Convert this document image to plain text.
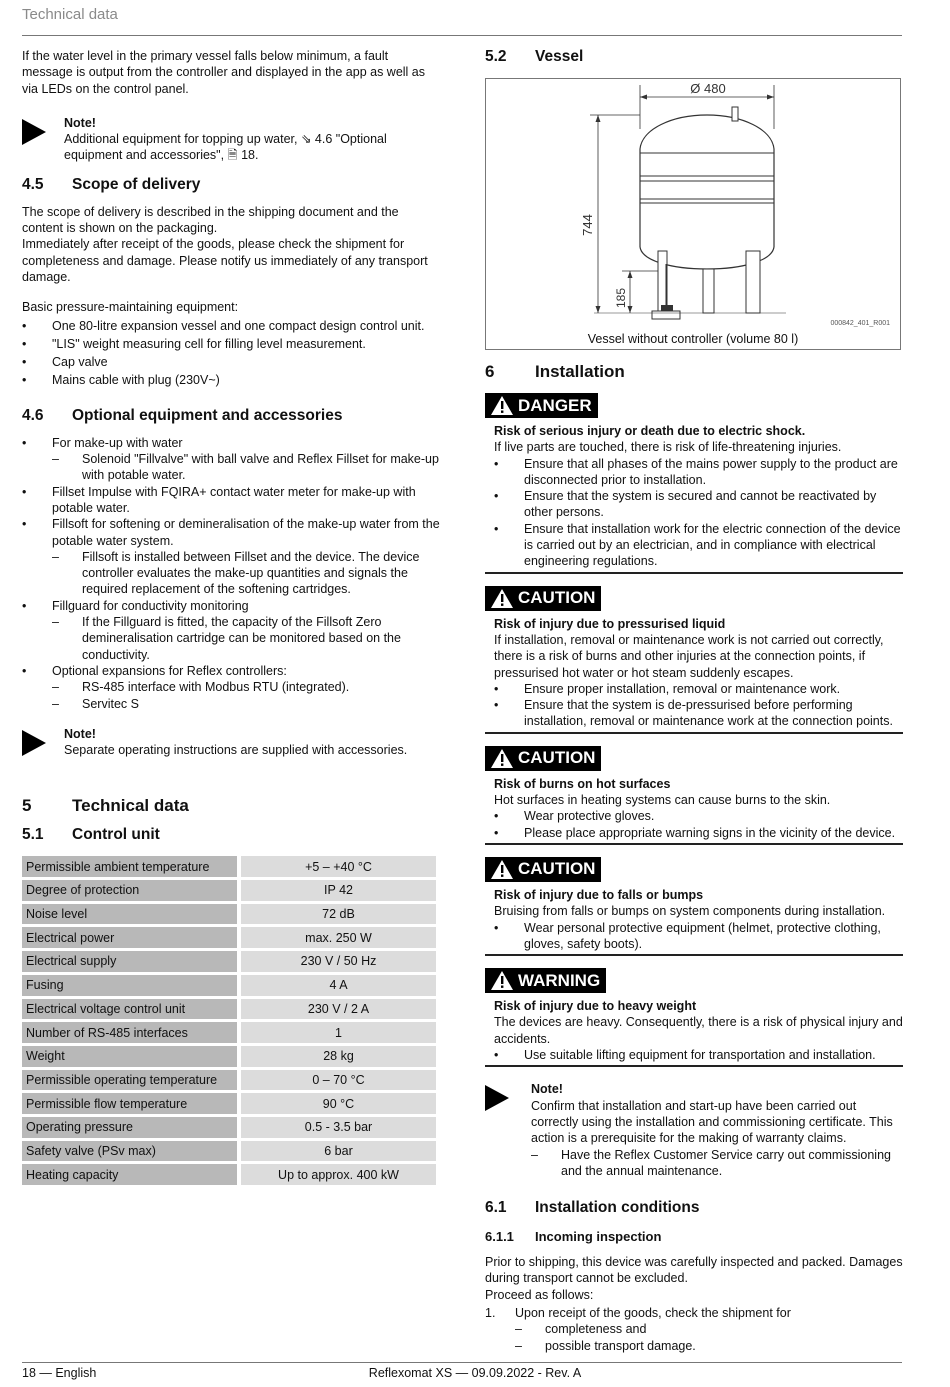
Technical data

If the water level in the primary vessel falls below minimum, a fault message is output from the controller and displayed in the app as well as via LEDs on the control panel.

Note!

Additional equipment for topping up water, ⇘ 4.6 "Optional equipment and accessories", 🗎 18.

4.5	Scope of delivery

The scope of delivery is described in the shipping document and the content is shown on the packaging.

Immediately after receipt of the goods, please check the shipment for completeness and damage. Please notify us immediately of any transport damage.

Basic pressure-maintaining equipment:

• One 80-litre expansion vessel and one compact design control unit.
• "LIS" weight measuring cell for filling level measurement.
• Cap valve
• Mains cable with plug (230V~)
4.6	Optional equipment and accessories
• For make-up with water
– Solenoid "Fillvalve" with ball valve and Reflex Fillset for make-up with potable water.
• Fillset Impulse with FQIRA+ contact water meter for make-up with potable water.
• Fillsoft for softening or demineralisation of the make-up water from the potable water system.
– Fillsoft is installed between Fillset and the device. The device controller evaluates the make-up quantities and signals the required replacement of the softening cartridges.
• Fillguard for conductivity monitoring
– If the Fillguard is fitted, the capacity of the Fillsoft Zero demineralisation cartridge can be monitored based on the conductivity.
• Optional expansions for Reflex controllers:
– RS-485 interface with Modbus RTU (integrated).
– Servitec S
Note!

Separate operating instructions are supplied with accessories.

5	Technical data
5.1	Control unit
Permissible ambient temperature	+5 – +40 °C
Degree of protection	IP 42
Noise level	72 dB
Electrical power	max. 250 W
Electrical supply	230 V / 50 Hz
Fusing	4 A
Electrical voltage control unit	230 V / 2 A
Number of RS-485 interfaces	1
Weight	28 kg
Permissible operating temperature	0 – 70 °C
Permissible flow temperature	90 °C
Operating pressure	0.5 - 3.5 bar
Safety valve (PSv max)	6 bar
Heating capacity	Up to approx. 400 kW
5.2	Vessel
Ø 480
744
185
000842_401_R001
Vessel without controller (volume 80 l)
6	Installation
DANGER
Risk of serious injury or death due to electric shock.

If live parts are touched, there is risk of life-threatening injuries.

• Ensure that all phases of the mains power supply to the product are disconnected prior to installation.
• Ensure that the system is secured and cannot be reactivated by other persons.
• Ensure that installation work for the electric connection of the device is carried out by an electrician, and in compliance with electrical engineering regulations.
CAUTION
Risk of injury due to pressurised liquid

If installation, removal or maintenance work is not carried out correctly, there is a risk of burns and other injuries at the connection points, if pressurised hot water or hot steam suddenly escapes.

• Ensure proper installation, removal or maintenance work.
• Ensure that the system is de-pressurised before performing installation, removal or maintenance work at the connection points.
CAUTION
Risk of burns on hot surfaces

Hot surfaces in heating systems can cause burns to the skin.

• Wear protective gloves.
• Please place appropriate warning signs in the vicinity of the device.
CAUTION
Risk of injury due to falls or bumps

Bruising from falls or bumps on system components during installation.

• Wear personal protective equipment (helmet, protective clothing, gloves, safety boots).
WARNING
Risk of injury due to heavy weight

The devices are heavy. Consequently, there is a risk of physical injury and accidents.

• Use suitable lifting equipment for transportation and installation.
Note!

Confirm that installation and start-up have been carried out correctly using the installation and commissioning certificate. This action is a prerequisite for the making of warranty claims.

– Have the Reflex Customer Service carry out commissioning and the annual maintenance.
6.1	Installation conditions
6.1.1	Incoming inspection

Prior to shipping, this device was carefully inspected and packed. Damages during transport cannot be excluded.

Proceed as follows:

1. Upon receipt of the goods, check the shipment for
– completeness and
– possible transport damage.
18 — English	Reflexomat XS — 09.09.2022 - Rev. A
